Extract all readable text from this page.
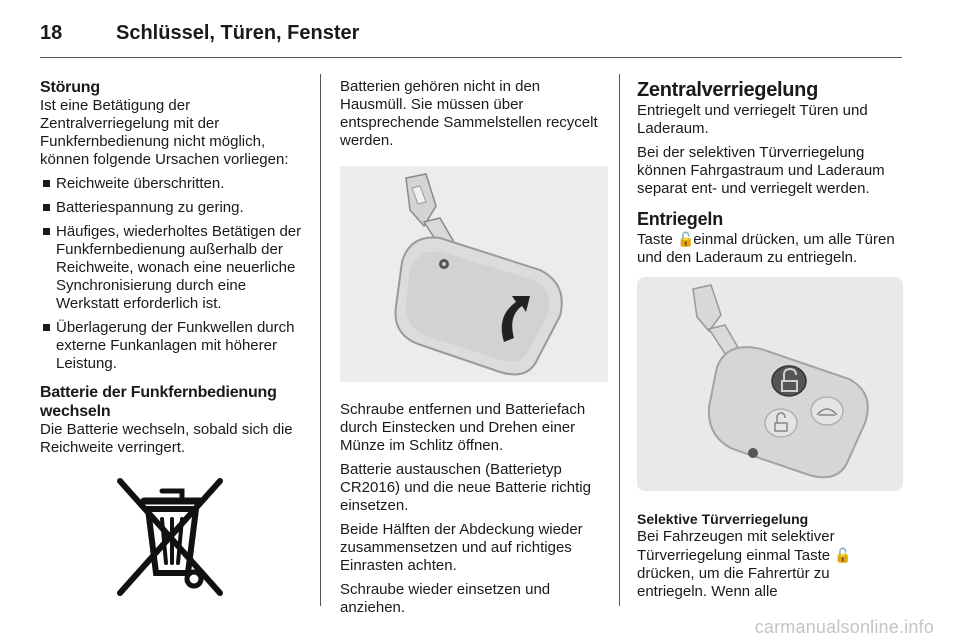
18	Schlüssel, Türen, Fenster
Störung

Ist eine Betätigung der Zentralverriegelung mit der Funkfernbedienung nicht möglich, können folgende Ursachen vorliegen:

Reichweite überschritten.
Batteriespannung zu gering.
Häufiges, wiederholtes Betätigen der Funkfernbedienung außerhalb der Reichweite, wonach eine neuerliche Synchronisierung durch eine Werkstatt erforderlich ist.
Überlagerung der Funkwellen durch externe Funkanlagen mit höherer Leistung.
Batterie der Funkfernbedienung wechseln

Die Batterie wechseln, sobald sich die Reichweite verringert.

Batterien gehören nicht in den Hausmüll. Sie müssen über entsprechende Sammelstellen recycelt werden.

Schraube entfernen und Batteriefach durch Einstecken und Drehen einer Münze im Schlitz öffnen.

Batterie austauschen (Batterietyp CR2016) und die neue Batterie richtig einsetzen.

Beide Hälften der Abdeckung wieder zusammensetzen und auf richtiges Einrasten achten.

Schraube wieder einsetzen und anziehen.

Zentralverriegelung

Entriegelt und verriegelt Türen und Laderaum.

Bei der selektiven Türverriegelung können Fahrgastraum und Laderaum separat ent- und verriegelt werden.

Entriegeln

Taste 🔓 einmal drücken, um alle Türen und den Laderaum zu entriegeln.

Selektive Türverriegelung

Bei Fahrzeugen mit selektiver Türverriegelung einmal Taste 🔓 drücken, um die Fahrertür zu entriegeln. Wenn alle

carmanualsonline.info
